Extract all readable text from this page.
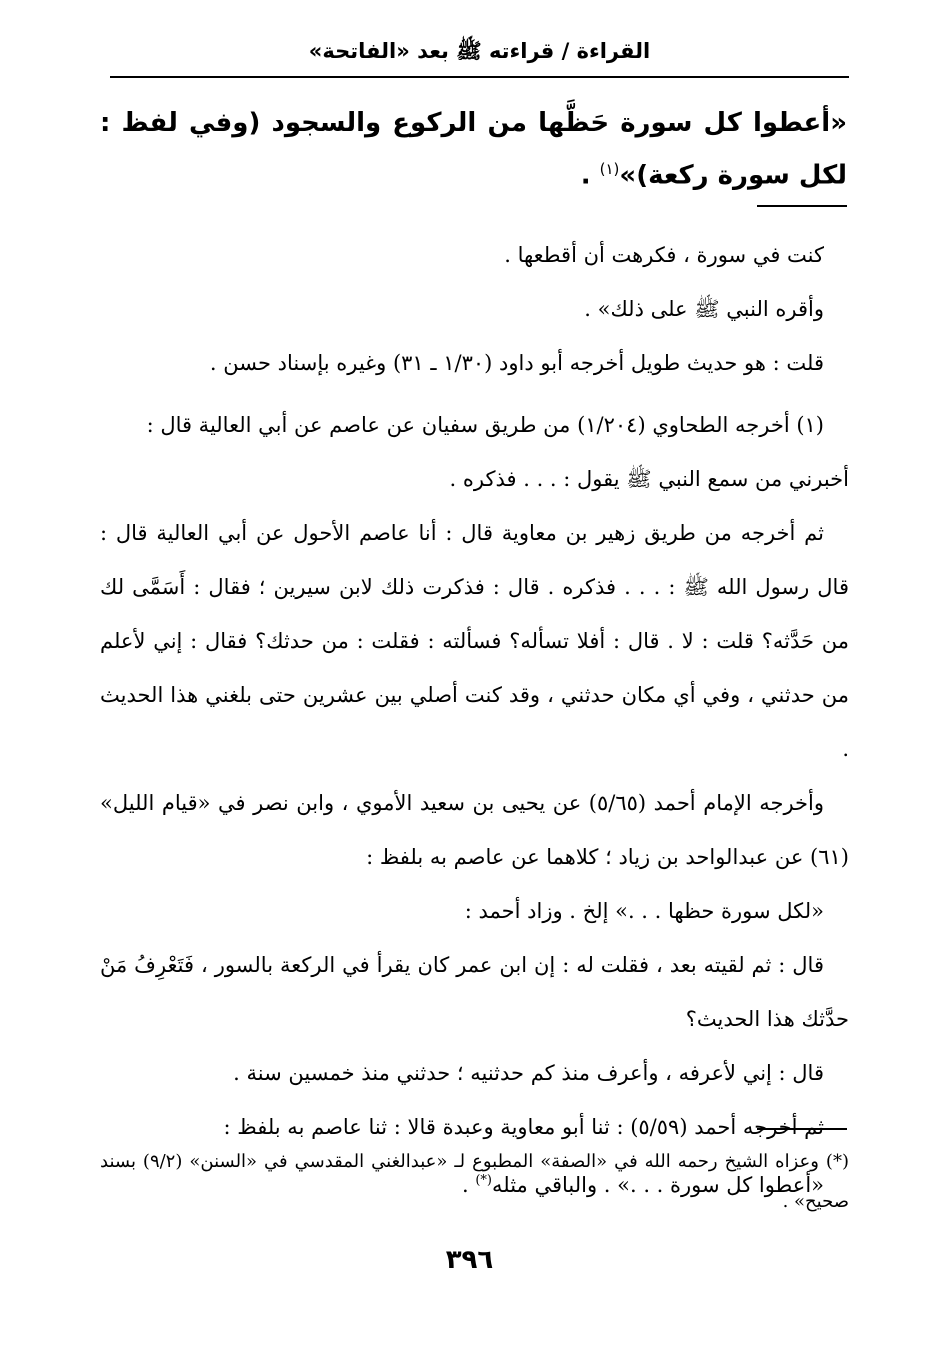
القراءة / قراءته ﷺ بعد «الفاتحة»
«أعطوا كل سورة حَظَّها من الركوع والسجود (وفي لفظ : لكل سورة ركعة)»$^{(١)}$ .

كنت في سورة ، فكرهت أن أقطعها .

وأقره النبي ﷺ على ذلك» .

قلت : هو حديث طويل أخرجه أبو داود (١/٣٠ ـ ٣١) وغيره بإسناد حسن .

(١) أخرجه الطحاوي (١/٢٠٤) من طريق سفيان عن عاصم عن أبي العالية قال :

أخبرني من سمع النبي ﷺ يقول : . . . فذكره .

ثم أخرجه من طريق زهير بن معاوية قال : أنا عاصم الأحول عن أبي العالية قال : قال رسول الله ﷺ : . . . فذكره . قال : فذكرت ذلك لابن سيرين ؛ فقال : أَسَمَّى لك من حَدَّثه؟ قلت : لا . قال : أفلا تسأله؟ فسألته : فقلت : من حدثك؟ فقال : إني لأعلم من حدثني ، وفي أي مكان حدثني ، وقد كنت أصلي بين عشرين حتى بلغني هذا الحديث .

وأخرجه الإمام أحمد (٥/٦٥) عن يحيى بن سعيد الأموي ، وابن نصر في «قيام الليل» (٦١) عن عبدالواحد بن زياد ؛ كلاهما عن عاصم به بلفظ :

«لكل سورة حظها . . .» إلخ . وزاد أحمد :

قال : ثم لقيته بعد ، فقلت له : إن ابن عمر كان يقرأ في الركعة بالسور ، فَتَعْرِفُ مَنْ حدَّثك هذا الحديث؟

قال : إني لأعرفه ، وأعرف منذ كم حدثنيه ؛ حدثني منذ خمسين سنة .

ثم أخرجه أحمد (٥/٥٩) : ثنا أبو معاوية وعبدة قالا : ثنا عاصم به بلفظ :

«أعطوا كل سورة . . .» . والباقي مثله(*) .

(*) وعزاه الشيخ رحمه الله في «الصفة» المطبوع لـ «عبدالغني المقدسي في «السنن» (٩/٢) بسند صحيح» .
٣٩٦
